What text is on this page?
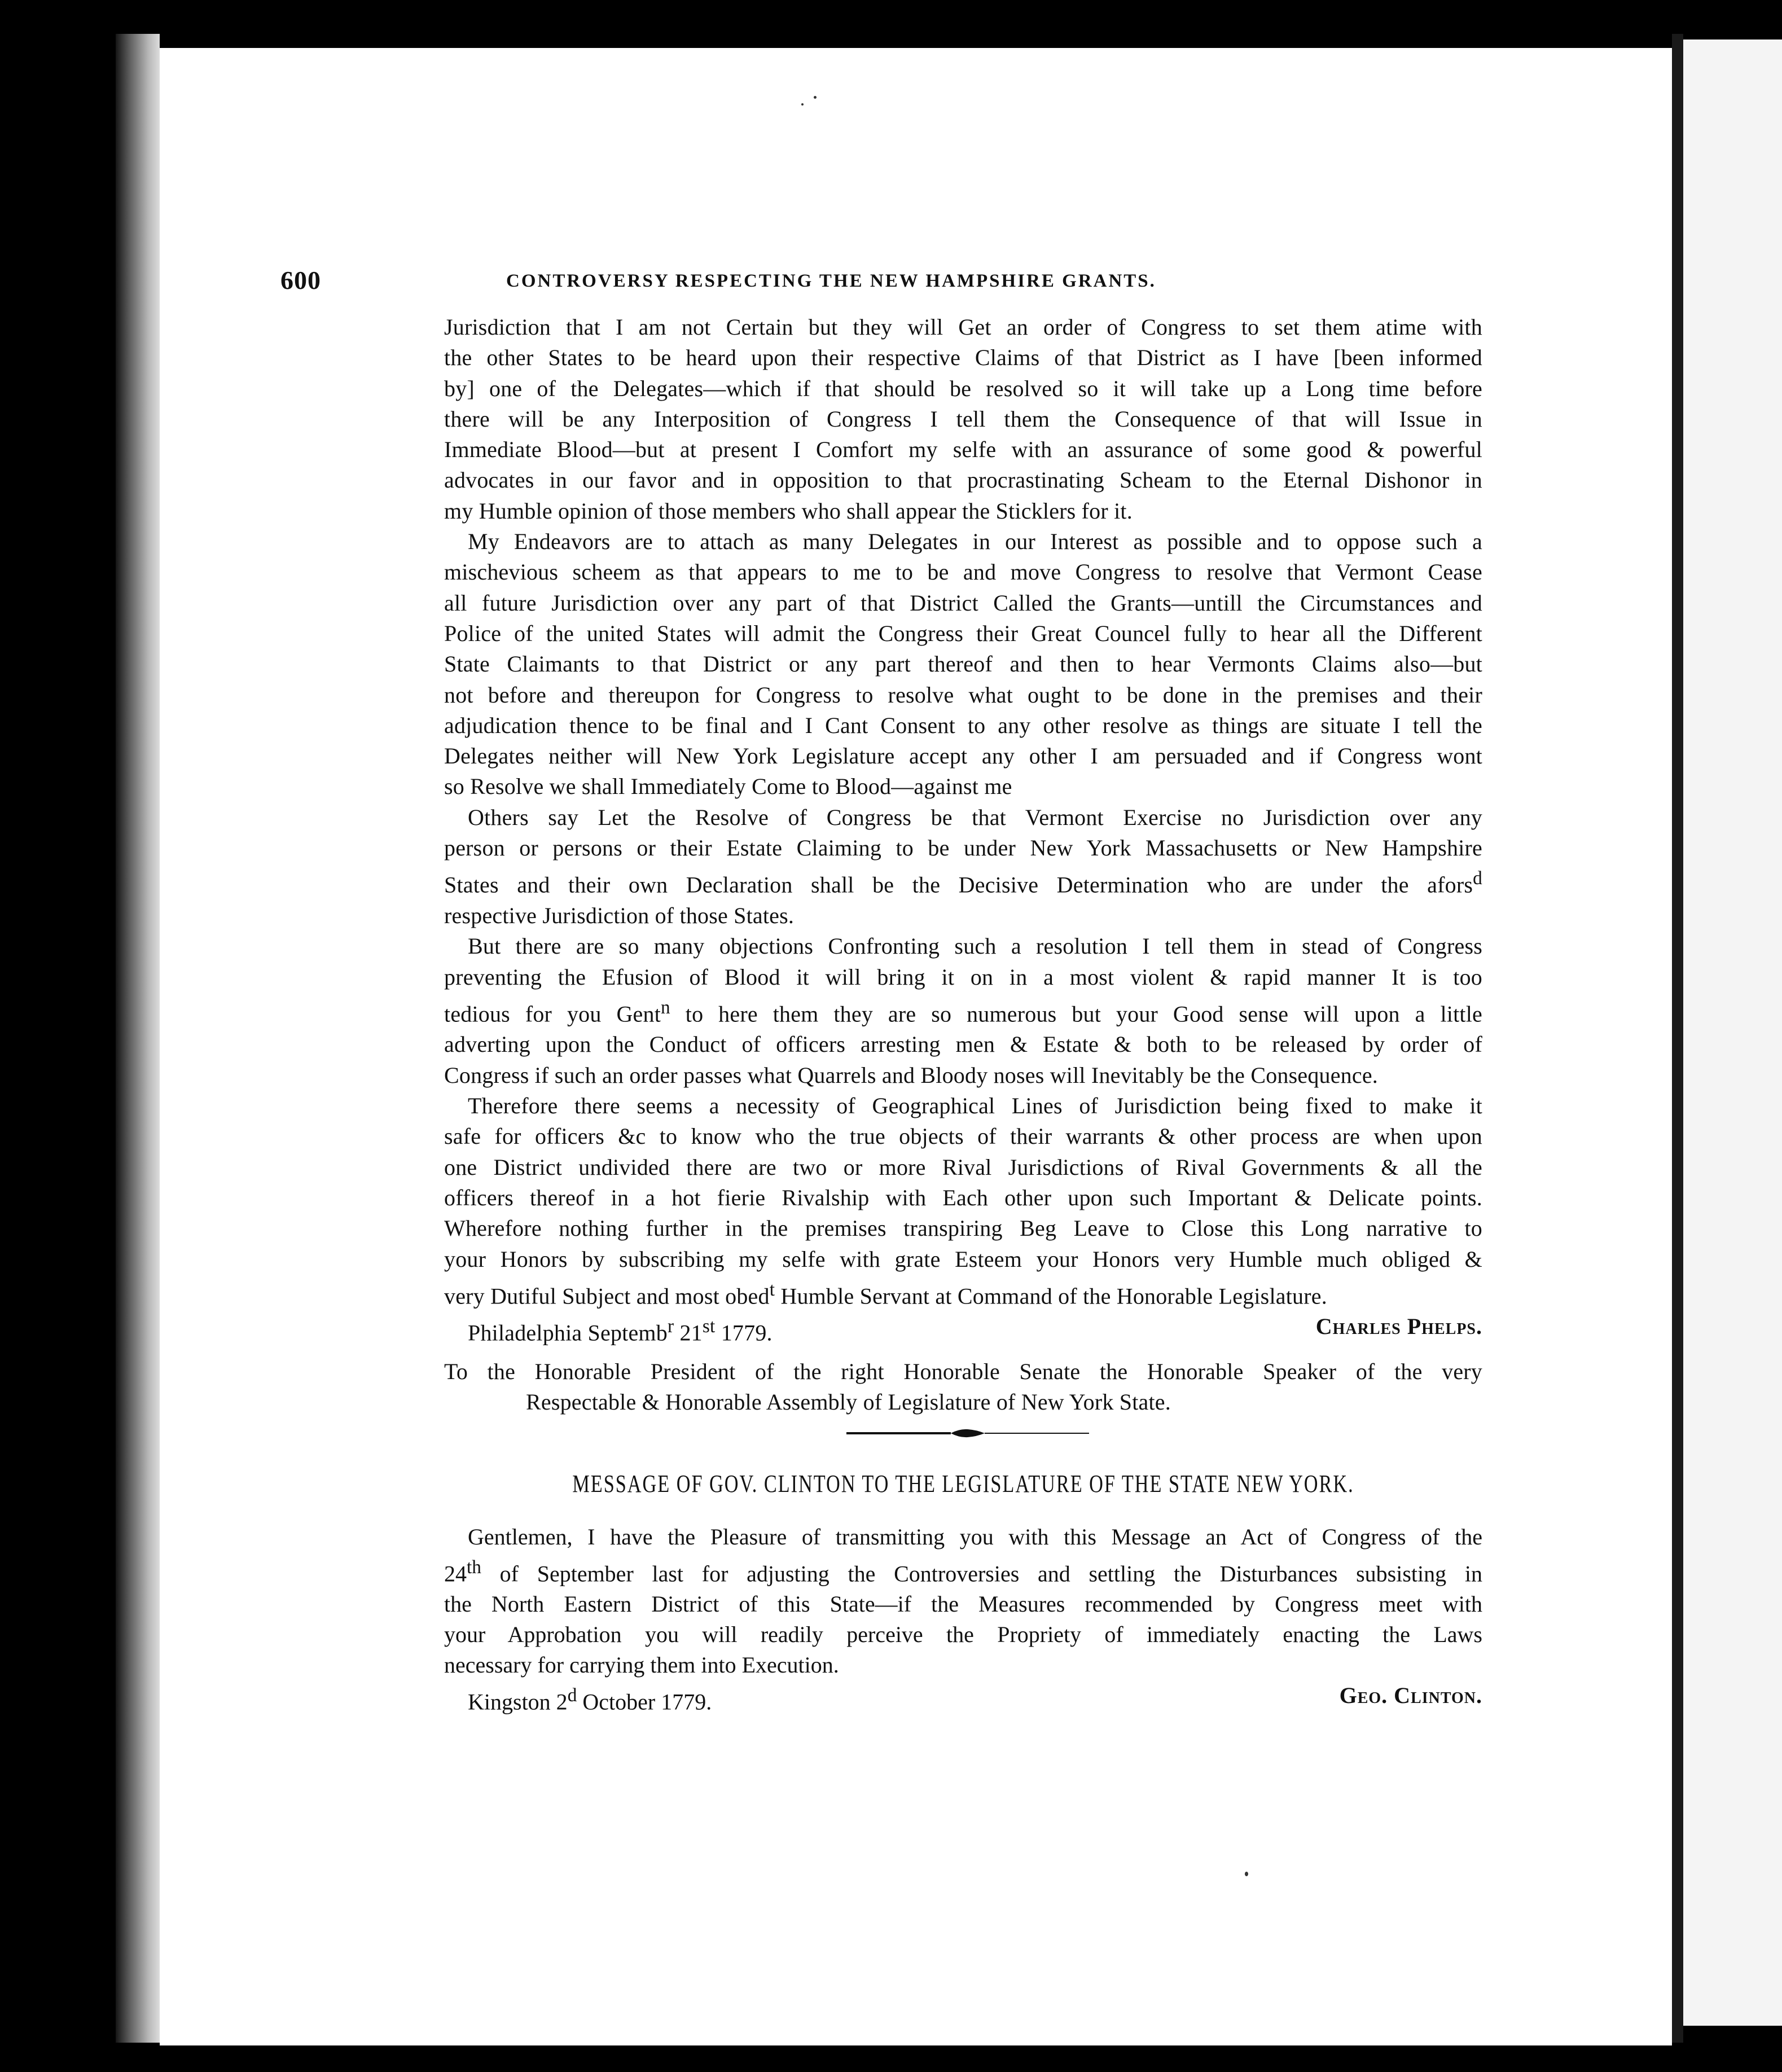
600	CONTROVERSY RESPECTING THE NEW HAMPSHIRE GRANTS.

Jurisdiction that I am not Certain but they will Get an order of Congress to set them atime with

the other States to be heard upon their respective Claims of that District as I have [been informed

by] one of the Delegates—which if that should be resolved so it will take up a Long time before

there will be any Interposition of Congress I tell them the Consequence of that will Issue in

Immediate Blood—but at present I Comfort my selfe with an assurance of some good & powerful

advocates in our favor and in opposition to that procrastinating Scheam to the Eternal Dishonor in

my Humble opinion of those members who shall appear the Sticklers for it.

My Endeavors are to attach as many Delegates in our Interest as possible and to oppose such a

mischevious scheem as that appears to me to be and move Congress to resolve that Vermont Cease

all future Jurisdiction over any part of that District Called the Grants—untill the Circumstances and

Police of the united States will admit the Congress their Great Councel fully to hear all the Different

State Claimants to that District or any part thereof and then to hear Vermonts Claims also—but

not before and thereupon for Congress to resolve what ought to be done in the premises and their

adjudication thence to be final and I Cant Consent to any other resolve as things are situate I tell the

Delegates neither will New York Legislature accept any other I am persuaded and if Congress wont

so Resolve we shall Immediately Come to Blood—against me

Others say Let the Resolve of Congress be that Vermont Exercise no Jurisdiction over any

person or persons or their Estate Claiming to be under New York Massachusetts or New Hampshire

States and their own Declaration shall be the Decisive Determination who are under the afors$^d$

respective Jurisdiction of those States.

But there are so many objections Confronting such a resolution I tell them in stead of Congress

preventing the Efusion of Blood it will bring it on in a most violent & rapid manner It is too

tedious for you Gent$^n$ to here them they are so numerous but your Good sense will upon a little

adverting upon the Conduct of officers arresting men & Estate & both to be released by order of

Congress if such an order passes what Quarrels and Bloody noses will Inevitably be the Consequence.

Therefore there seems a necessity of Geographical Lines of Jurisdiction being fixed to make it

safe for officers &c to know who the true objects of their warrants & other process are when upon

one District undivided there are two or more Rival Jurisdictions of Rival Governments & all the

officers thereof in a hot fierie Rivalship with Each other upon such Important & Delicate points.

Wherefore nothing further in the premises transpiring Beg Leave to Close this Long narrative to

your Honors by subscribing my selfe with grate Esteem your Honors very Humble much obliged &

very Dutiful Subject and most obed$^t$ Humble Servant at Command of the Honorable Legislature.

Philadelphia Septemb$^r$ 21st 1779.	Charles Phelps.

To the Honorable President of the right Honorable Senate the Honorable Speaker of the very

Respectable & Honorable Assembly of Legislature of New York State.

MESSAGE OF GOV. CLINTON TO THE LEGISLATURE OF THE STATE NEW YORK.

Gentlemen, I have the Pleasure of transmitting you with this Message an Act of Congress of the

24th of September last for adjusting the Controversies and settling the Disturbances subsisting in

the North Eastern District of this State—if the Measures recommended by Congress meet with

your Approbation you will readily perceive the Propriety of immediately enacting the Laws

necessary for carrying them into Execution.

Kingston 2$^d$ October 1779.	Geo. Clinton.
